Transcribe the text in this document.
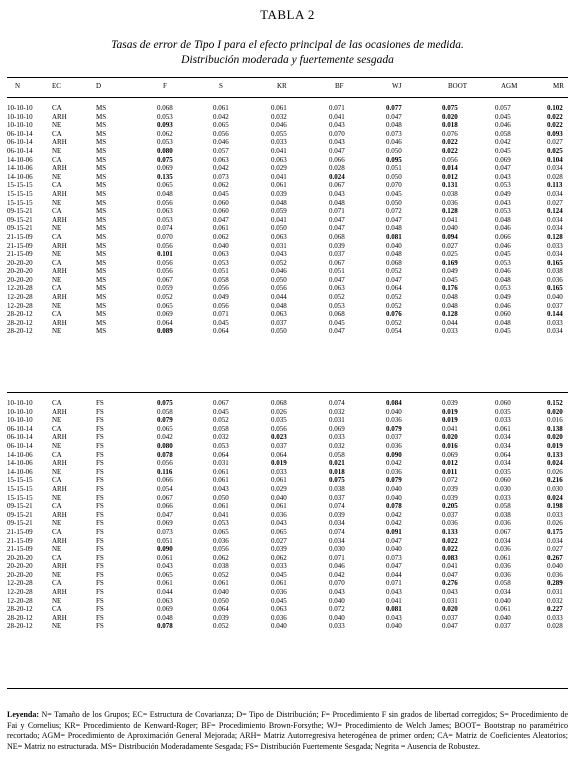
TABLA 2
Tasas de error de Tipo I para el efecto principal de las ocasiones de medida.
Distribución moderada y fuertemente sesgada
N	EC	D	F	S	KR	BF	WJ	BOOT	AGM	MR
10-10-10	CA	MS	0.068	0.061	0.061	0.071	0.077	0.075	0.057	0.102
10-10-10	ARH	MS	0.053	0.042	0.032	0.041	0.047	0.020	0.045	0.022
10-10-10	NE	MS	0.093	0.065	0.046	0.043	0.048	0.018	0.046	0.022
06-10-14	CA	MS	0.062	0.056	0.055	0.070	0.073	0.076	0.058	0.093
06-10-14	ARH	MS	0.053	0.046	0.033	0.043	0.046	0.022	0.042	0.027
06-10-14	NE	MS	0.080	0.057	0.041	0.047	0.050	0.022	0.045	0.025
14-10-06	CA	MS	0.075	0.063	0.063	0.066	0.095	0.056	0.069	0.104
14-10-06	ARH	MS	0.069	0.042	0.029	0.028	0.051	0.014	0.047	0.034
14-10-06	NE	MS	0.135	0.073	0.041	0.024	0.050	0.012	0.043	0.028
15-15-15	CA	MS	0.065	0.062	0.061	0.067	0.070	0.131	0.053	0.113
15-15-15	ARH	MS	0.048	0.045	0.039	0.043	0.045	0.038	0.049	0.034
15-15-15	NE	MS	0.056	0.060	0.048	0.048	0.050	0.036	0.043	0.027
09-15-21	CA	MS	0.063	0.060	0.059	0.071	0.072	0.128	0.053	0.124
09-15-21	ARH	MS	0.053	0.047	0.041	0.047	0.047	0.041	0.048	0.034
09-15-21	NE	MS	0.074	0.061	0.050	0.047	0.048	0.040	0.046	0.034
21-15-09	CA	MS	0.070	0.062	0.063	0.068	0.081	0.094	0.066	0.128
21-15-09	ARH	MS	0.056	0.040	0.031	0.039	0.040	0.027	0.046	0.033
21-15-09	NE	MS	0.101	0.063	0.043	0.037	0.048	0.025	0.045	0.034
20-20-20	CA	MS	0.056	0.053	0.052	0.067	0.068	0.169	0.053	0.165
20-20-20	ARH	MS	0.056	0.051	0.046	0.051	0.052	0.049	0.046	0.038
20-20-20	NE	MS	0.067	0.058	0.050	0.047	0.047	0.045	0.048	0.036
12-20-28	CA	MS	0.059	0.056	0.056	0.063	0.064	0.176	0.053	0.165
12-20-28	ARH	MS	0.052	0.049	0.044	0.052	0.052	0.048	0.049	0.040
12-20-28	NE	MS	0.065	0.056	0.048	0.053	0.052	0.048	0.046	0.037
28-20-12	CA	MS	0.069	0.071	0.063	0.068	0.076	0.128	0.060	0.144
28-20-12	ARH	MS	0.064	0.045	0.037	0.045	0.052	0.044	0.048	0.033
28-20-12	NE	MS	0.089	0.064	0.050	0.047	0.054	0.033	0.045	0.034
10-10-10	CA	FS	0.075	0.067	0.068	0.074	0.084	0.039	0.060	0.152
10-10-10	ARH	FS	0.058	0.045	0.026	0.032	0.040	0.019	0.035	0.020
10-10-10	NE	FS	0.079	0.052	0.035	0.031	0.036	0.019	0.033	0.016
06-10-14	CA	FS	0.065	0.058	0.056	0.069	0.079	0.041	0.061	0.138
06-10-14	ARH	FS	0.042	0.032	0.023	0.033	0.037	0.020	0.034	0.020
06-10-14	NE	FS	0.080	0.053	0.037	0.032	0.036	0.016	0.034	0.019
14-10-06	CA	FS	0.078	0.064	0.064	0.058	0.090	0.069	0.064	0.133
14-10-06	ARH	FS	0.056	0.031	0.019	0.021	0.042	0.012	0.034	0.024
14-10-06	NE	FS	0.116	0.061	0.033	0.018	0.036	0.011	0.035	0.026
15-15-15	CA	FS	0.066	0.061	0.061	0.075	0.079	0.072	0.060	0.216
15-15-15	ARH	FS	0.054	0.043	0.029	0.038	0.040	0.039	0.030	0.030
15-15-15	NE	FS	0.067	0.050	0.040	0.037	0.040	0.039	0.033	0.024
09-15-21	CA	FS	0.066	0.061	0.061	0.074	0.078	0.205	0.058	0.198
09-15-21	ARH	FS	0.047	0.041	0.036	0.039	0.042	0.037	0.038	0.033
09-15-21	NE	FS	0.069	0.053	0.043	0.034	0.042	0.036	0.036	0.026
21-15-09	CA	FS	0.073	0.065	0.065	0.074	0.091	0.133	0.067	0.175
21-15-09	ARH	FS	0.051	0.036	0.027	0.034	0.047	0.022	0.034	0.034
21-15-09	NE	FS	0.090	0.056	0.039	0.030	0.040	0.022	0.036	0.027
20-20-20	CA	FS	0.061	0.062	0.062	0.071	0.073	0.083	0.061	0.267
20-20-20	ARH	FS	0.043	0.038	0.033	0.046	0.047	0.041	0.036	0.040
20-20-20	NE	FS	0.065	0.052	0.045	0.042	0.044	0.047	0.036	0.036
12-20-28	CA	FS	0.061	0.061	0.061	0.070	0.071	0.276	0.058	0.289
12-20-28	ARH	FS	0.044	0.040	0.036	0.043	0.043	0.043	0.034	0.031
12-20-28	NE	FS	0.063	0.050	0.045	0.040	0.041	0.031	0.040	0.032
28-20-12	CA	FS	0.069	0.064	0.063	0.072	0.081	0.020	0.061	0.227
28-20-12	ARH	FS	0.048	0.039	0.036	0.040	0.043	0.037	0.040	0.033
28-20-12	NE	FS	0.078	0.052	0.040	0.033	0.040	0.047	0.037	0.028
Leyenda: N= Tamaño de los Grupos; EC= Estructura de Covarianza; D= Tipo de Distribución; F= Procedimiento F sin grados de libertad corregidos; S= Procedimiento de Fai y Cornelius; KR= Procedimiento de Kenward-Roger; BF= Procedimiento Brown-Forsythe; WJ= Procedimiento de Welch James; BOOT= Bootstrap no paramétrico recortado; AGM= Procedimiento de Aproximación General Mejorada; ARH= Matriz Autorregresiva heterogénea de primer orden; CA= Matriz de Coeficientes Aleatorios; NE= Matriz no estructurada. MS= Distribución Moderadamente Sesgada; FS= Distribución Fuertemente Sesgada; Negrita = Ausencia de Robustez.
